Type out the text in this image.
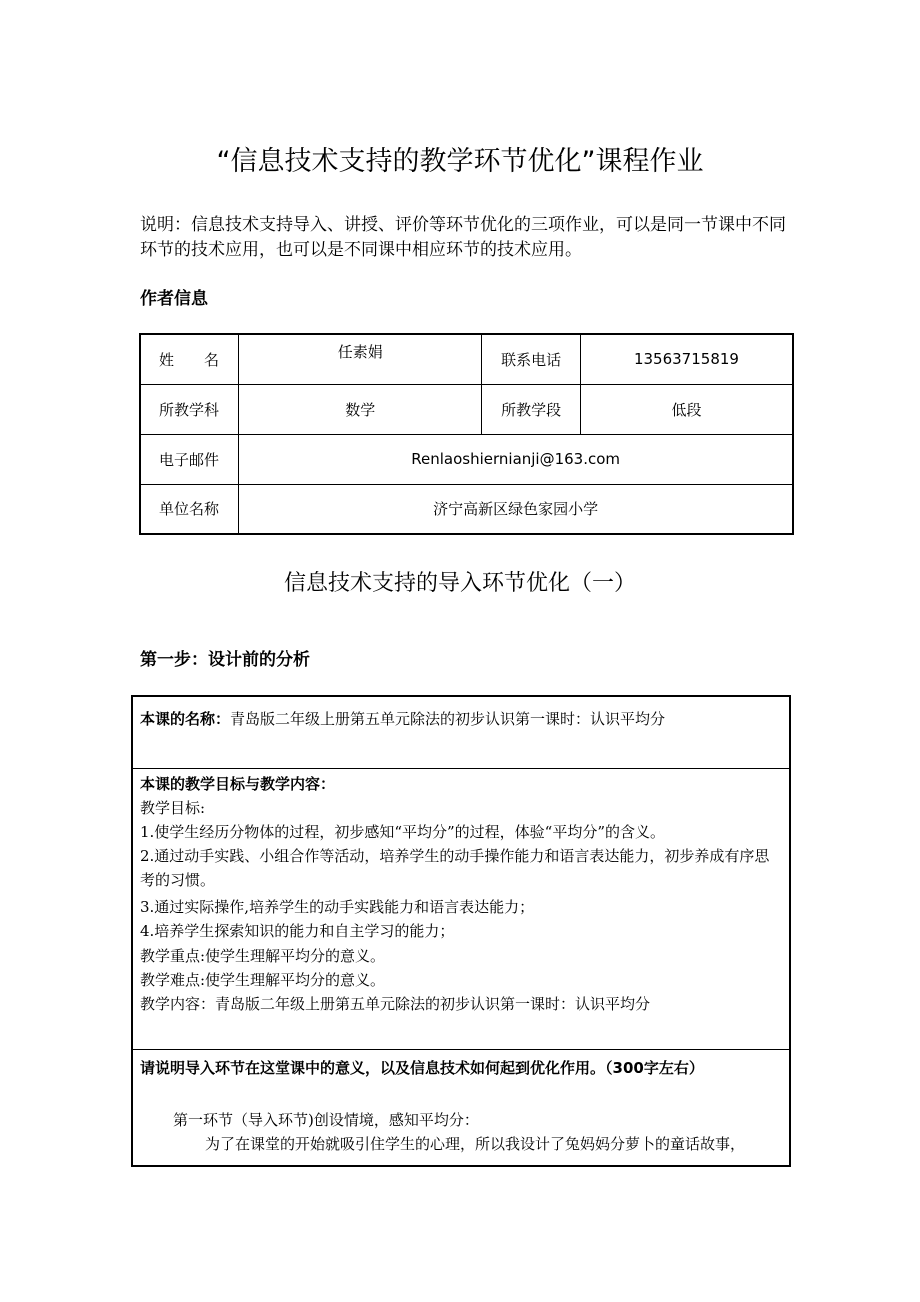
“信息技术支持的教学环节优化”课程作业
说明：信息技术支持导入、讲授、评价等环节优化的三项作业，可以是同一节课中不同环节的技术应用，也可以是不同课中相应环节的技术应用。
作者信息
姓　　名	任素娟	联系电话	13563715819
所教学科	数学	所教学段	低段
电子邮件	Renlaoshiernianji@163.com		
单位名称	济宁高新区绿色家园小学		
信息技术支持的导入环节优化（一）
第一步：设计前的分析
本课的名称：青岛版二年级上册第五单元除法的初步认识第一课时：认识平均分
本课的教学目标与教学内容：
教学目标:
1.使学生经历分物体的过程，初步感知“平均分”的过程，体验“平均分”的含义。
2.通过动手实践、小组合作等活动，培养学生的动手操作能力和语言表达能力，初步养成有序思考的习惯。
3.通过实际操作,培养学生的动手实践能力和语言表达能力；
4.培养学生探索知识的能力和自主学习的能力；
教学重点:使学生理解平均分的意义。
教学难点:使学生理解平均分的意义。
教学内容：青岛版二年级上册第五单元除法的初步认识第一课时：认识平均分
请说明导入环节在这堂课中的意义，以及信息技术如何起到优化作用。（300字左右）
第一环节（导入环节)创设情境，感知平均分：
为了在课堂的开始就吸引住学生的心理，所以我设计了兔妈妈分萝卜的童话故事，
